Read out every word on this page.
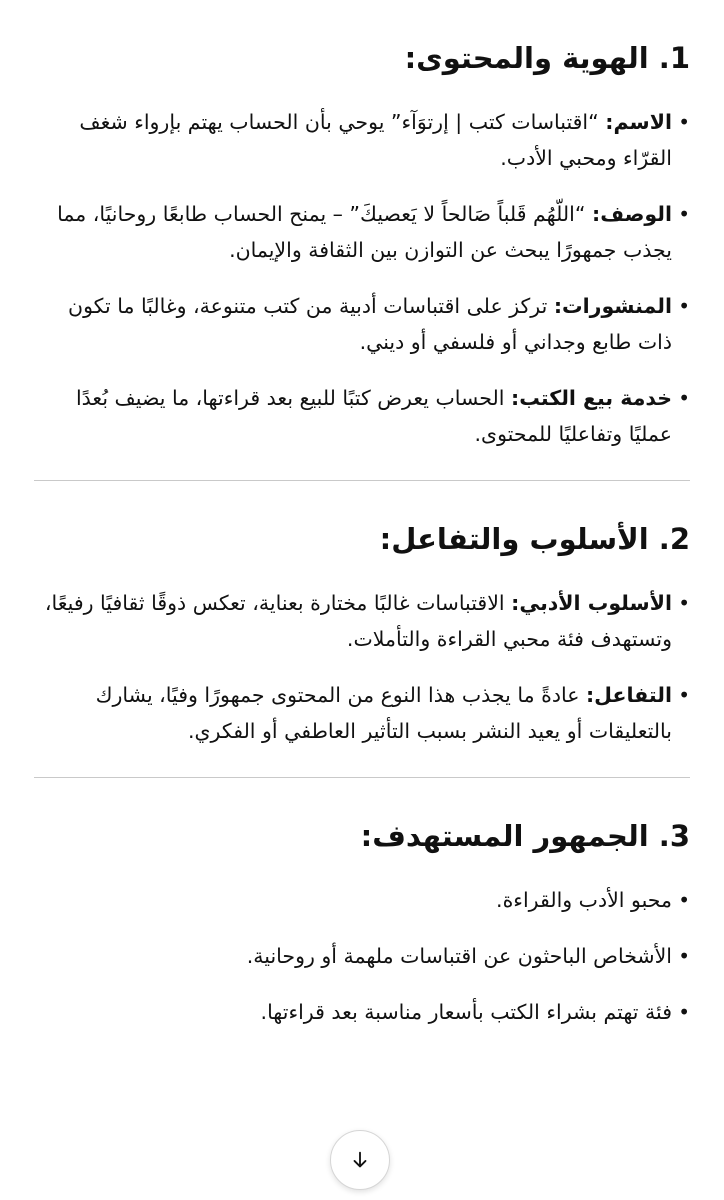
1. الهوية والمحتوى:
•
الاسم: “اقتباسات كتب | إرتوَآء” يوحي بأن الحساب يهتم بإرواء شغف القرّاء ومحبي الأدب.
•
الوصف: “اللّهُم قَلباً صَالحاً لا يَعصيكَ” – يمنح الحساب طابعًا روحانيًا، مما يجذب جمهورًا يبحث عن التوازن بين الثقافة والإيمان.
•
المنشورات: تركز على اقتباسات أدبية من كتب متنوعة، وغالبًا ما تكون ذات طابع وجداني أو فلسفي أو ديني.
•
خدمة بيع الكتب: الحساب يعرض كتبًا للبيع بعد قراءتها، ما يضيف بُعدًا عمليًا وتفاعليًا للمحتوى.
2. الأسلوب والتفاعل:
•
الأسلوب الأدبي: الاقتباسات غالبًا مختارة بعناية، تعكس ذوقًا ثقافيًا رفيعًا، وتستهدف فئة محبي القراءة والتأملات.
•
التفاعل: عادةً ما يجذب هذا النوع من المحتوى جمهورًا وفيًا، يشارك بالتعليقات أو يعيد النشر بسبب التأثير العاطفي أو الفكري.
3. الجمهور المستهدف:
•
محبو الأدب والقراءة.
•
الأشخاص الباحثون عن اقتباسات ملهمة أو روحانية.
•
فئة تهتم بشراء الكتب بأسعار مناسبة بعد قراءتها.
